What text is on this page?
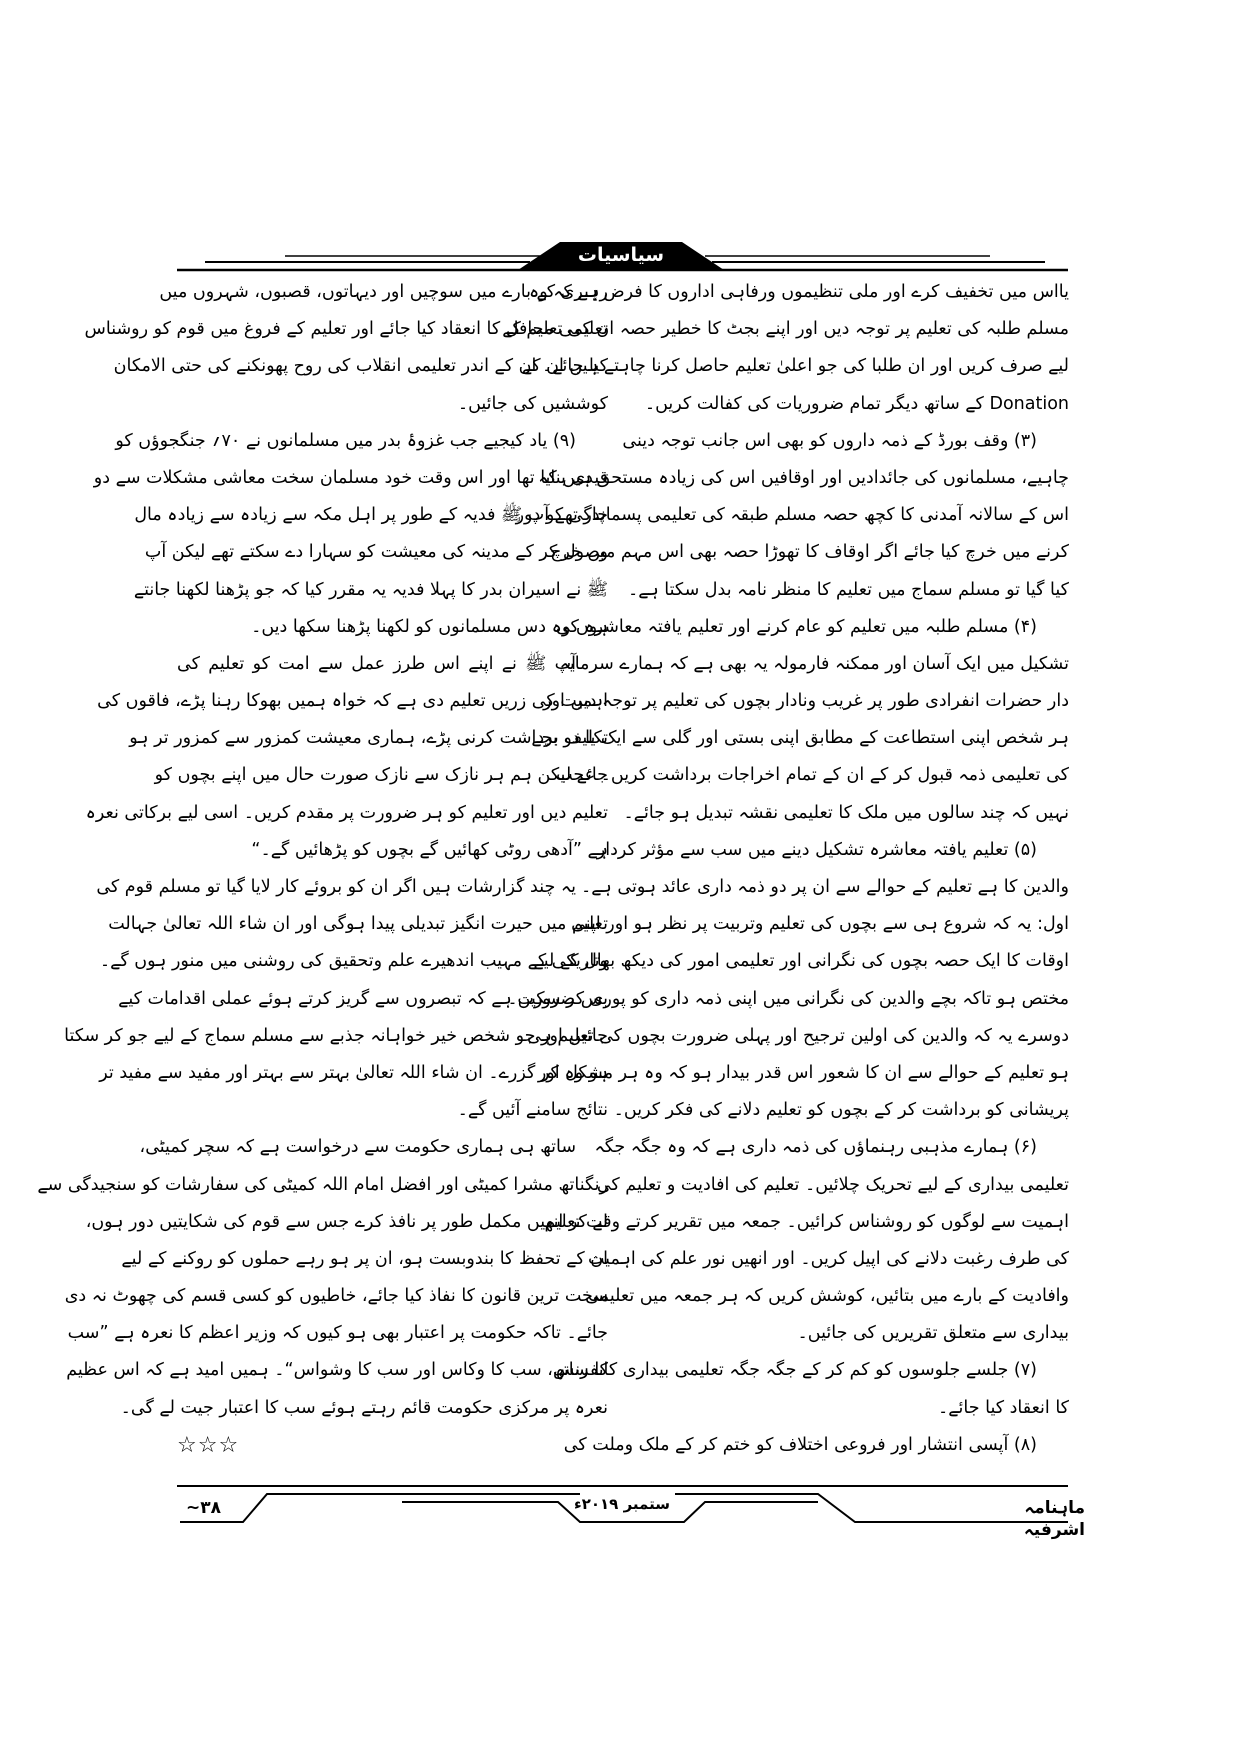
سیاسیات
یااس میں تخفیف کرے اور ملی تنظیموں ورفاہی اداروں کا فرض ہے کہ وہ
مسلم طلبہ کی تعلیم پر توجہ دیں اور اپنے بجٹ کا خطیر حصہ ان کی تعلیم کے
لیے صرف کریں اور ان طلبا کی جو اعلیٰ تعلیم حاصل کرنا چاہتے ہیں ان کے
Donation کے ساتھ دیگر تمام ضروریات کی کفالت کریں۔
(۳) وقف بورڈ کے ذمہ داروں کو بھی اس جانب توجہ دینی
چاہیے، مسلمانوں کی جائدادیں اور اوقافیں اس کی زیادہ مستحق ہیں کہ
اس کے سالانہ آمدنی کا کچھ حصہ مسلم طبقہ کی تعلیمی پسماندگی کو دور
کرنے میں خرچ کیا جائے اگر اوقاف کا تھوڑا حصہ بھی اس مہم میں خرچ
کیا گیا تو مسلم سماج میں تعلیم کا منظر نامہ بدل سکتا ہے۔
(۴) مسلم طلبہ میں تعلیم کو عام کرنے اور تعلیم یافتہ معاشرہ کی
تشکیل میں ایک آسان اور ممکنہ فارمولہ یہ بھی ہے کہ ہمارے سرمایہ
دار حضرات انفرادی طور پر غریب ونادار بچوں کی تعلیم پر توجہ دیں اور
ہر شخص اپنی استطاعت کے مطابق اپنی بستی اور گلی سے ایک یا دو بچے
کی تعلیمی ذمہ قبول کر کے ان کے تمام اخراجات برداشت کریں۔ عجب
نہیں کہ چند سالوں میں ملک کا تعلیمی نقشہ تبدیل ہو جائے۔
(۵) تعلیم یافتہ معاشرہ تشکیل دینے میں سب سے مؤثر کردار
والدین کا ہے تعلیم کے حوالے سے ان پر دو ذمہ داری عائد ہوتی ہے۔
اول: یہ کہ شروع ہی سے بچوں کی تعلیم وتربیت پر نظر ہو اور اپنی
اوقات کا ایک حصہ بچوں کی نگرانی اور تعلیمی امور کی دیکھ بھال کے لیے
مختص ہو تاکہ بچے والدین کی نگرانی میں اپنی ذمہ داری کو پوری کر سکیں۔
دوسرے یہ کہ والدین کی اولین ترجیح اور پہلی ضرورت بچوں کی تعلیم ہی
ہو تعلیم کے حوالے سے ان کا شعور اس قدر بیدار ہو کہ وہ ہر مشکل اور
پریشانی کو برداشت کر کے بچوں کو تعلیم دلانے کی فکر کریں۔
(۶) ہمارے مذہبی رہنماؤں کی ذمہ داری ہے کہ وہ جگہ جگہ
تعلیمی بیداری کے لیے تحریک چلائیں۔ تعلیم کی افادیت و تعلیم کی
اہمیت سے لوگوں کو روشناس کرائیں۔ جمعہ میں تقریر کرتے وقت تعلیم
کی طرف رغبت دلانے کی اپیل کریں۔ اور انھیں نور علم کی اہمیت
وافادیت کے بارے میں بتائیں، کوشش کریں کہ ہر جمعہ میں تعلیمی
بیداری سے متعلق تقریریں کی جائیں۔
(۷) جلسے جلوسوں کو کم کر کے جگہ جگہ تعلیمی بیداری کانفرنس
کا انعقاد کیا جائے۔
(۸) آپسی انتشار اور فروعی اختلاف کو ختم کر کے ملک وملت کی
رہبری کے بارے میں سوچیں اور دیہاتوں، قصبوں، شہروں میں
تعلیمی محافل کا انعقاد کیا جائے اور تعلیم کے فروغ میں قوم کو روشناس
کیا جائے۔ ان کے اندر تعلیمی انقلاب کی روح پھونکنے کی حتی الامکان
کوششیں کی جائیں۔
(۹) یاد کیجیے جب غزوۂ بدر میں مسلمانوں نے ۷۰؍ جنگجوؤں کو
قیدی بنایا تھا اور اس وقت خود مسلمان سخت معاشی مشکلات سے دو
چار تھے آپ ﷺ فدیہ کے طور پر اہل مکہ سے زیادہ سے زیادہ مال
وصول کر کے مدینہ کی معیشت کو سہارا دے سکتے تھے لیکن آپ
ﷺ نے اسیران بدر کا پہلا فدیہ یہ مقرر کیا کہ جو پڑھنا لکھنا جانتے
ہوں وہ دس مسلمانوں کو لکھنا پڑھنا سکھا دیں۔
آپ ﷺ نے اپنے اس طرز عمل سے امت کو تعلیم کی
اہمیت کی زریں تعلیم دی ہے کہ خواہ ہمیں بھوکا رہنا پڑے، فاقوں کی
تکلیف برداشت کرنی پڑے، ہماری معیشت کمزور سے کمزور تر ہو
جائے لیکن ہم ہر نازک سے نازک صورت حال میں اپنے بچوں کو
تعلیم دیں اور تعلیم کو ہر ضرورت پر مقدم کریں۔ اسی لیے برکاتی نعرہ
ہے ”آدھی روٹی کھائیں گے بچوں کو پڑھائیں گے۔“
یہ چند گزارشات ہیں اگر ان کو بروئے کار لایا گیا تو مسلم قوم کی
تعلیم میں حیرت انگیز تبدیلی پیدا ہوگی اور ان شاء اللہ تعالیٰ جہالت
وتاریکی کے مہیب اندھیرے علم وتحقیق کی روشنی میں منور ہوں گے۔
بس ضرورت ہے کہ تبصروں سے گریز کرتے ہوئے عملی اقدامات کیے
جائیں اور جو شخص خیر خواہانہ جذبے سے مسلم سماج کے لیے جو کر سکتا
ہو وہ کر گزرے۔ ان شاء اللہ تعالیٰ بہتر سے بہتر اور مفید سے مفید تر
نتائج سامنے آئیں گے۔
ساتھ ہی ہماری حکومت سے درخواست ہے کہ سچر کمیٹی،
رنگناتھ مشرا کمیٹی اور افضل امام اللہ کمیٹی کی سفارشات کو سنجیدگی سے
لے کر انھیں مکمل طور پر نافذ کرے جس سے قوم کی شکایتیں دور ہوں،
ان کے تحفظ کا بندوبست ہو، ان پر ہو رہے حملوں کو روکنے کے لیے
سخت ترین قانون کا نفاذ کیا جائے، خاطیوں کو کسی قسم کی چھوٹ نہ دی
جائے۔ تاکہ حکومت پر اعتبار بھی ہو کیوں کہ وزیر اعظم کا نعرہ ہے ”سب
کا ساتھ، سب کا وکاس اور سب کا وشواس“۔ ہمیں امید ہے کہ اس عظیم
نعرہ پر مرکزی حکومت قائم رہتے ہوئے سب کا اعتبار جیت لے گی۔
☆☆☆
ماہنامہ اشرفیہ
ستمبر ۲۰۱۹ء
۳۸~
